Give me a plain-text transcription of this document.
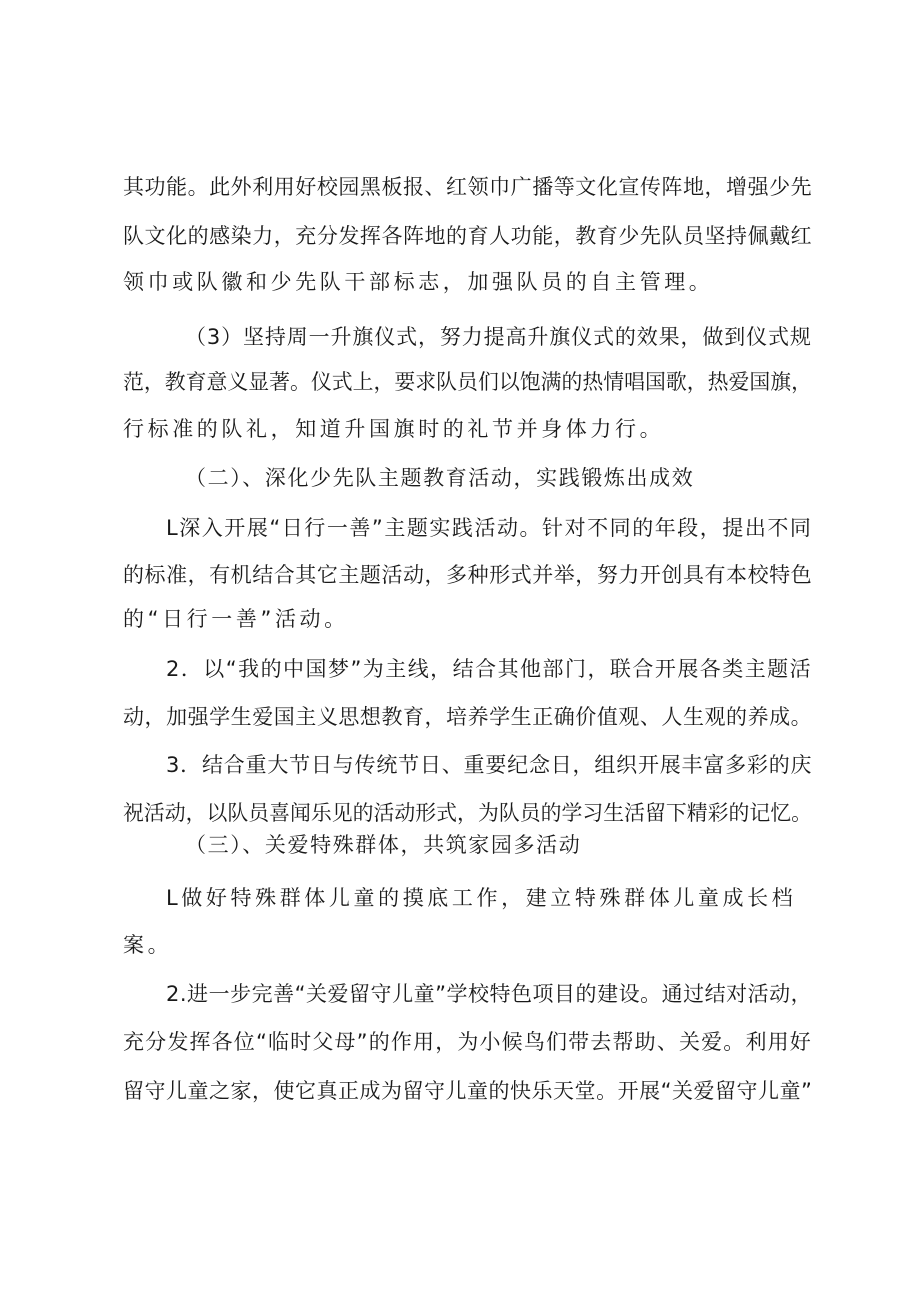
其功能。此外利用好校园黑板报、红领巾广播等文化宣传阵地，增强少先
队文化的感染力，充分发挥各阵地的育人功能，教育少先队员坚持佩戴红
领巾或队徽和少先队干部标志，加强队员的自主管理。
（3）坚持周一升旗仪式，努力提高升旗仪式的效果，做到仪式规
范，教育意义显著。仪式上，要求队员们以饱满的热情唱国歌，热爱国旗，
行标准的队礼，知道升国旗时的礼节并身体力行。
（二）、深化少先队主题教育活动，实践锻炼出成效
L深入开展“日行一善”主题实践活动。针对不同的年段，提出不同
的标准，有机结合其它主题活动，多种形式并举，努力开创具有本校特色
的“日行一善”活动。
2．以“我的中国梦”为主线，结合其他部门，联合开展各类主题活
动，加强学生爱国主义思想教育，培养学生正确价值观、人生观的养成。
3．结合重大节日与传统节日、重要纪念日，组织开展丰富多彩的庆
祝活动，以队员喜闻乐见的活动形式，为队员的学习生活留下精彩的记忆。
（三）、关爱特殊群体，共筑家园多活动
L做好特殊群体儿童的摸底工作，建立特殊群体儿童成长档
案。
2.进一步完善“关爱留守儿童”学校特色项目的建设。通过结对活动，
充分发挥各位“临时父母”的作用，为小候鸟们带去帮助、关爱。利用好
留守儿童之家，使它真正成为留守儿童的快乐天堂。开展“关爱留守儿童”
